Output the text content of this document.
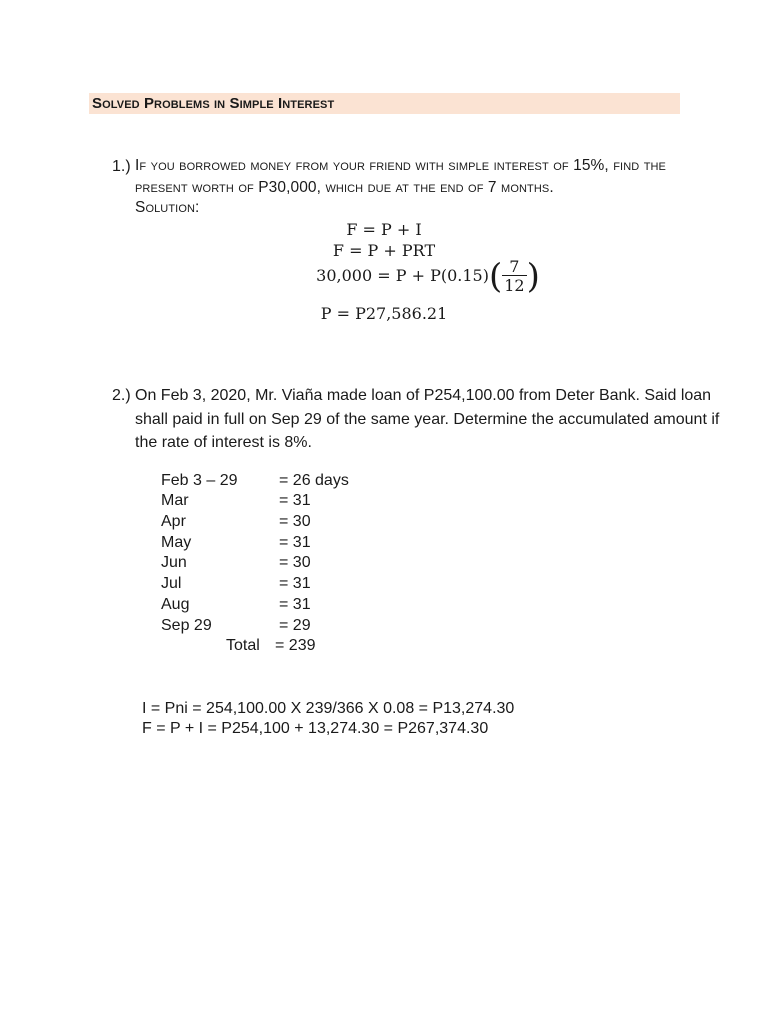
Solved Problems in Simple Interest
1.) If you borrowed money from your friend with simple interest of 15%, find the
present worth of P30,000, which due at the end of 7 months.
Solution:
F = P + I
F = P + PRT
$30,000 = P + P(0.15)( \frac{7}{12}$ )
P = P27,586.21
2.) On Feb 3, 2020, Mr. Viaña made loan of P254,100.00 from Deter Bank. Said loan
shall paid in full on Sep 29 of the same year. Determine the accumulated amount if
the rate of interest is 8%.
Feb 3 – 29	= 26 days
Mar	= 31
Apr	= 30
May	= 31
Jun	= 30
Jul	= 31
Aug	= 31
Sep 29	= 29
Total = 239
I = Pni = 254,100.00 X 239/366 X 0.08 = P13,274.30
F = P + I = P254,100 + 13,274.30 = P267,374.30
